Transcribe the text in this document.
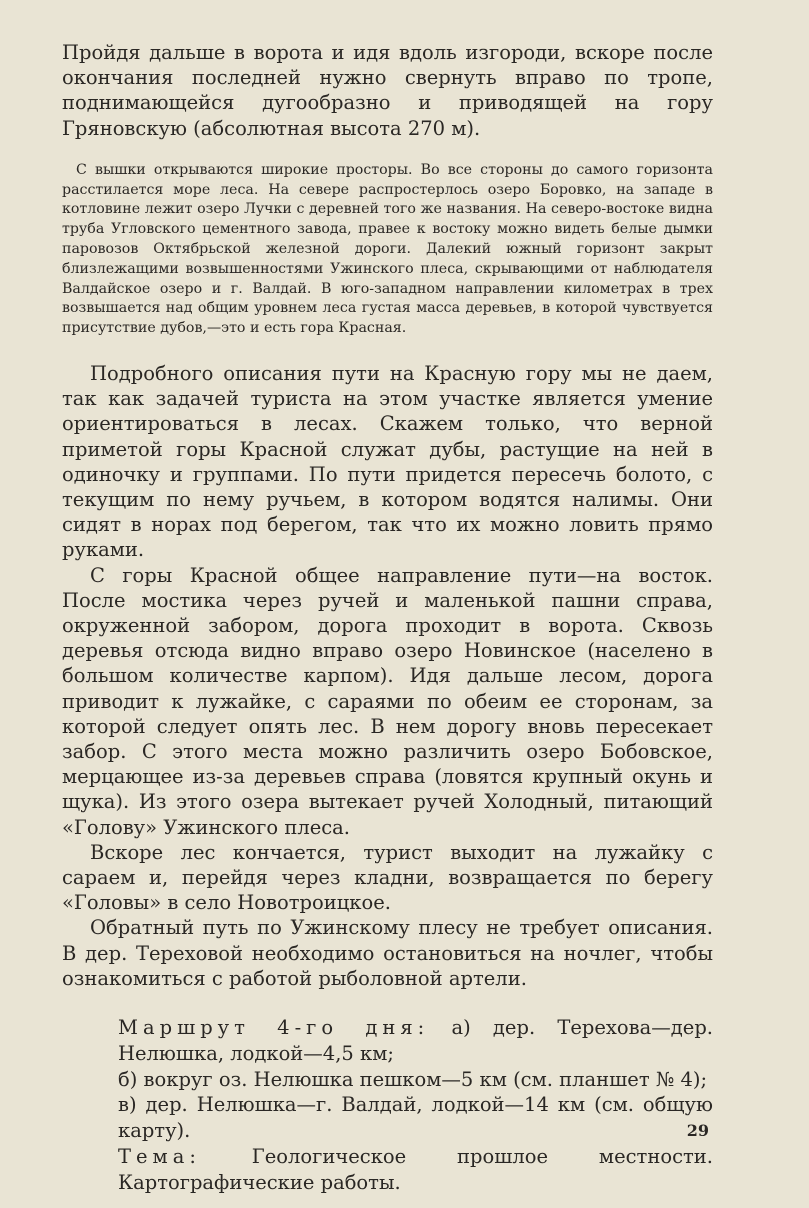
Пройдя дальше в ворота и идя вдоль изгороди, вскоре после окончания последней нужно свернуть вправо по тропе, поднимающейся дугообразно и приводящей на гору Гряновскую (абсолютная высота 270 м).

С вышки открываются широкие просторы. Во все стороны до самого горизонта расстилается море леса. На севере распростерлось озеро Боровко, на западе в котловине лежит озеро Лучки с деревней того же названия. На северо-востоке видна труба Угловского цементного завода, правее к востоку можно видеть белые дымки паровозов Октябрьской железной дороги. Далекий южный горизонт закрыт близлежащими возвышенностями Ужинского плеса, скрывающими от наблюдателя Валдайское озеро и г. Валдай. В юго-западном направлении километрах в трех возвышается над общим уровнем леса густая масса деревьев, в которой чувствуется присутствие дубов,—это и есть гора Красная.

Подробного описания пути на Красную гору мы не даем, так как задачей туриста на этом участке является умение ориентироваться в лесах. Скажем только, что верной приметой горы Красной служат дубы, растущие на ней в одиночку и группами. По пути придется пересечь болото, с текущим по нему ручьем, в котором водятся налимы. Они сидят в норах под берегом, так что их можно ловить прямо руками.

С горы Красной общее направление пути—на восток. После мостика через ручей и маленькой пашни справа, окруженной забором, дорога проходит в ворота. Сквозь деревья отсюда видно вправо озеро Новинское (населено в большом количестве карпом). Идя дальше лесом, дорога приводит к лужайке, с сараями по обеим ее сторонам, за которой следует опять лес. В нем дорогу вновь пересекает забор. С этого места можно различить озеро Бобовское, мерцающее из-за деревьев справа (ловятся крупный окунь и щука). Из этого озера вытекает ручей Холодный, питающий «Голову» Ужинского плеса.

Вскоре лес кончается, турист выходит на лужайку с сараем и, перейдя через кладни, возвращается по берегу «Головы» в село Новотроицкое.

Обратный путь по Ужинскому плесу не требует описания. В дер. Тереховой необходимо остановиться на ночлег, чтобы ознакомиться с работой рыболовной артели.

Маршрут 4-го дня: а) дер. Терехова—дер. Нелюшка, лодкой—4,5 км;
б) вокруг оз. Нелюшка пешком—5 км (см. планшет № 4);
в) дер. Нелюшка—г. Валдай, лодкой—14 км (см. общую карту).
Тема: Геологическое прошлое местности. Картографические работы.
29
